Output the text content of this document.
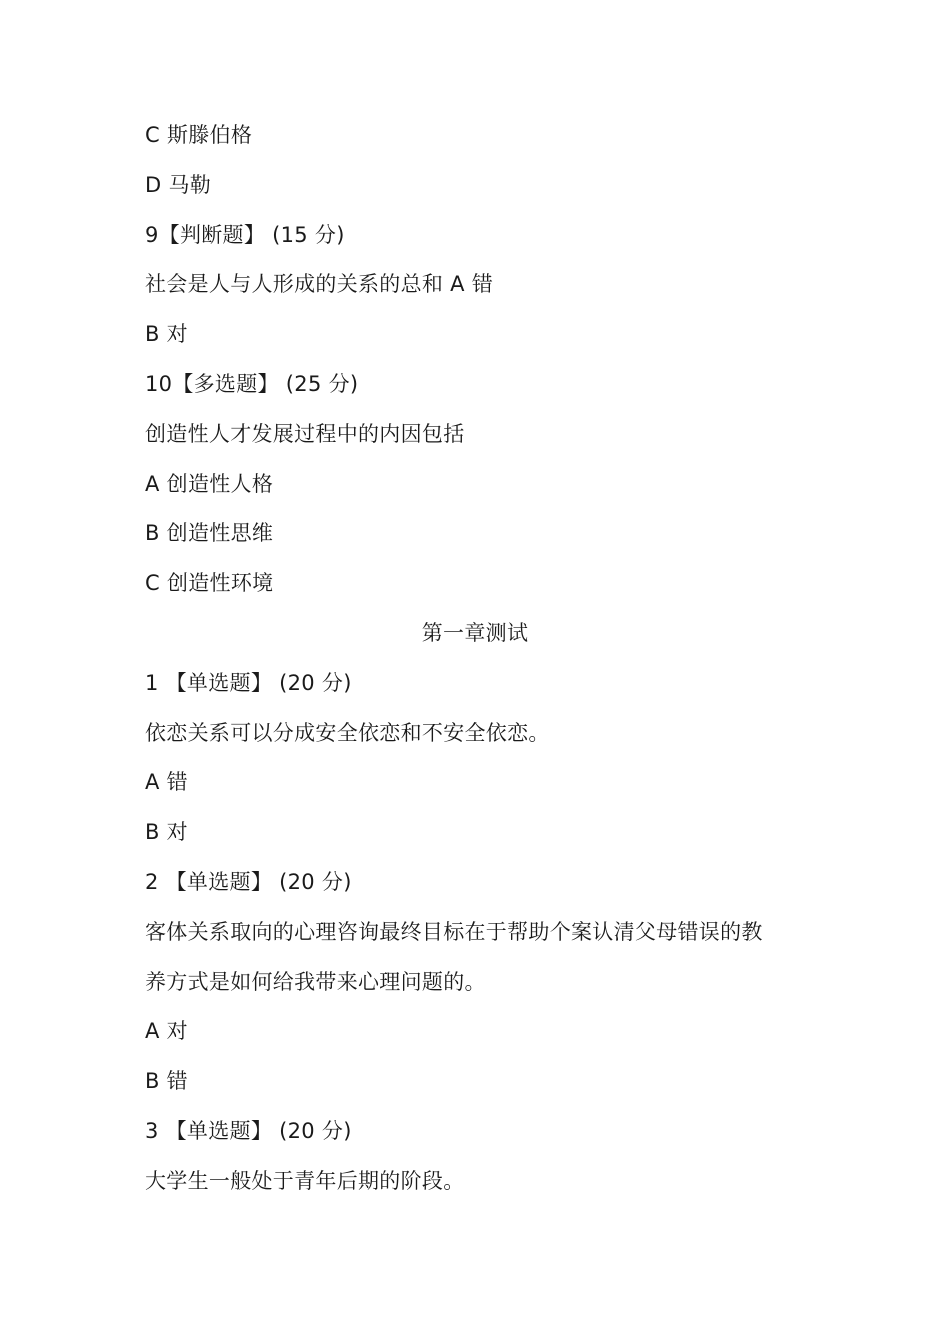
C 斯滕伯格
D 马勒
9【判断题】 (15 分)
社会是人与人形成的关系的总和 A 错
B 对
10【多选题】 (25 分)
创造性人才发展过程中的内因包括
A 创造性人格
B 创造性思维
C 创造性环境
第一章测试
1 【单选题】 (20 分)
依恋关系可以分成安全依恋和不安全依恋。
A 错
B 对
2 【单选题】 (20 分)
客体关系取向的心理咨询最终目标在于帮助个案认清父母错误的教
养方式是如何给我带来心理问题的。
A 对
B 错
3 【单选题】 (20 分)
大学生一般处于青年后期的阶段。
